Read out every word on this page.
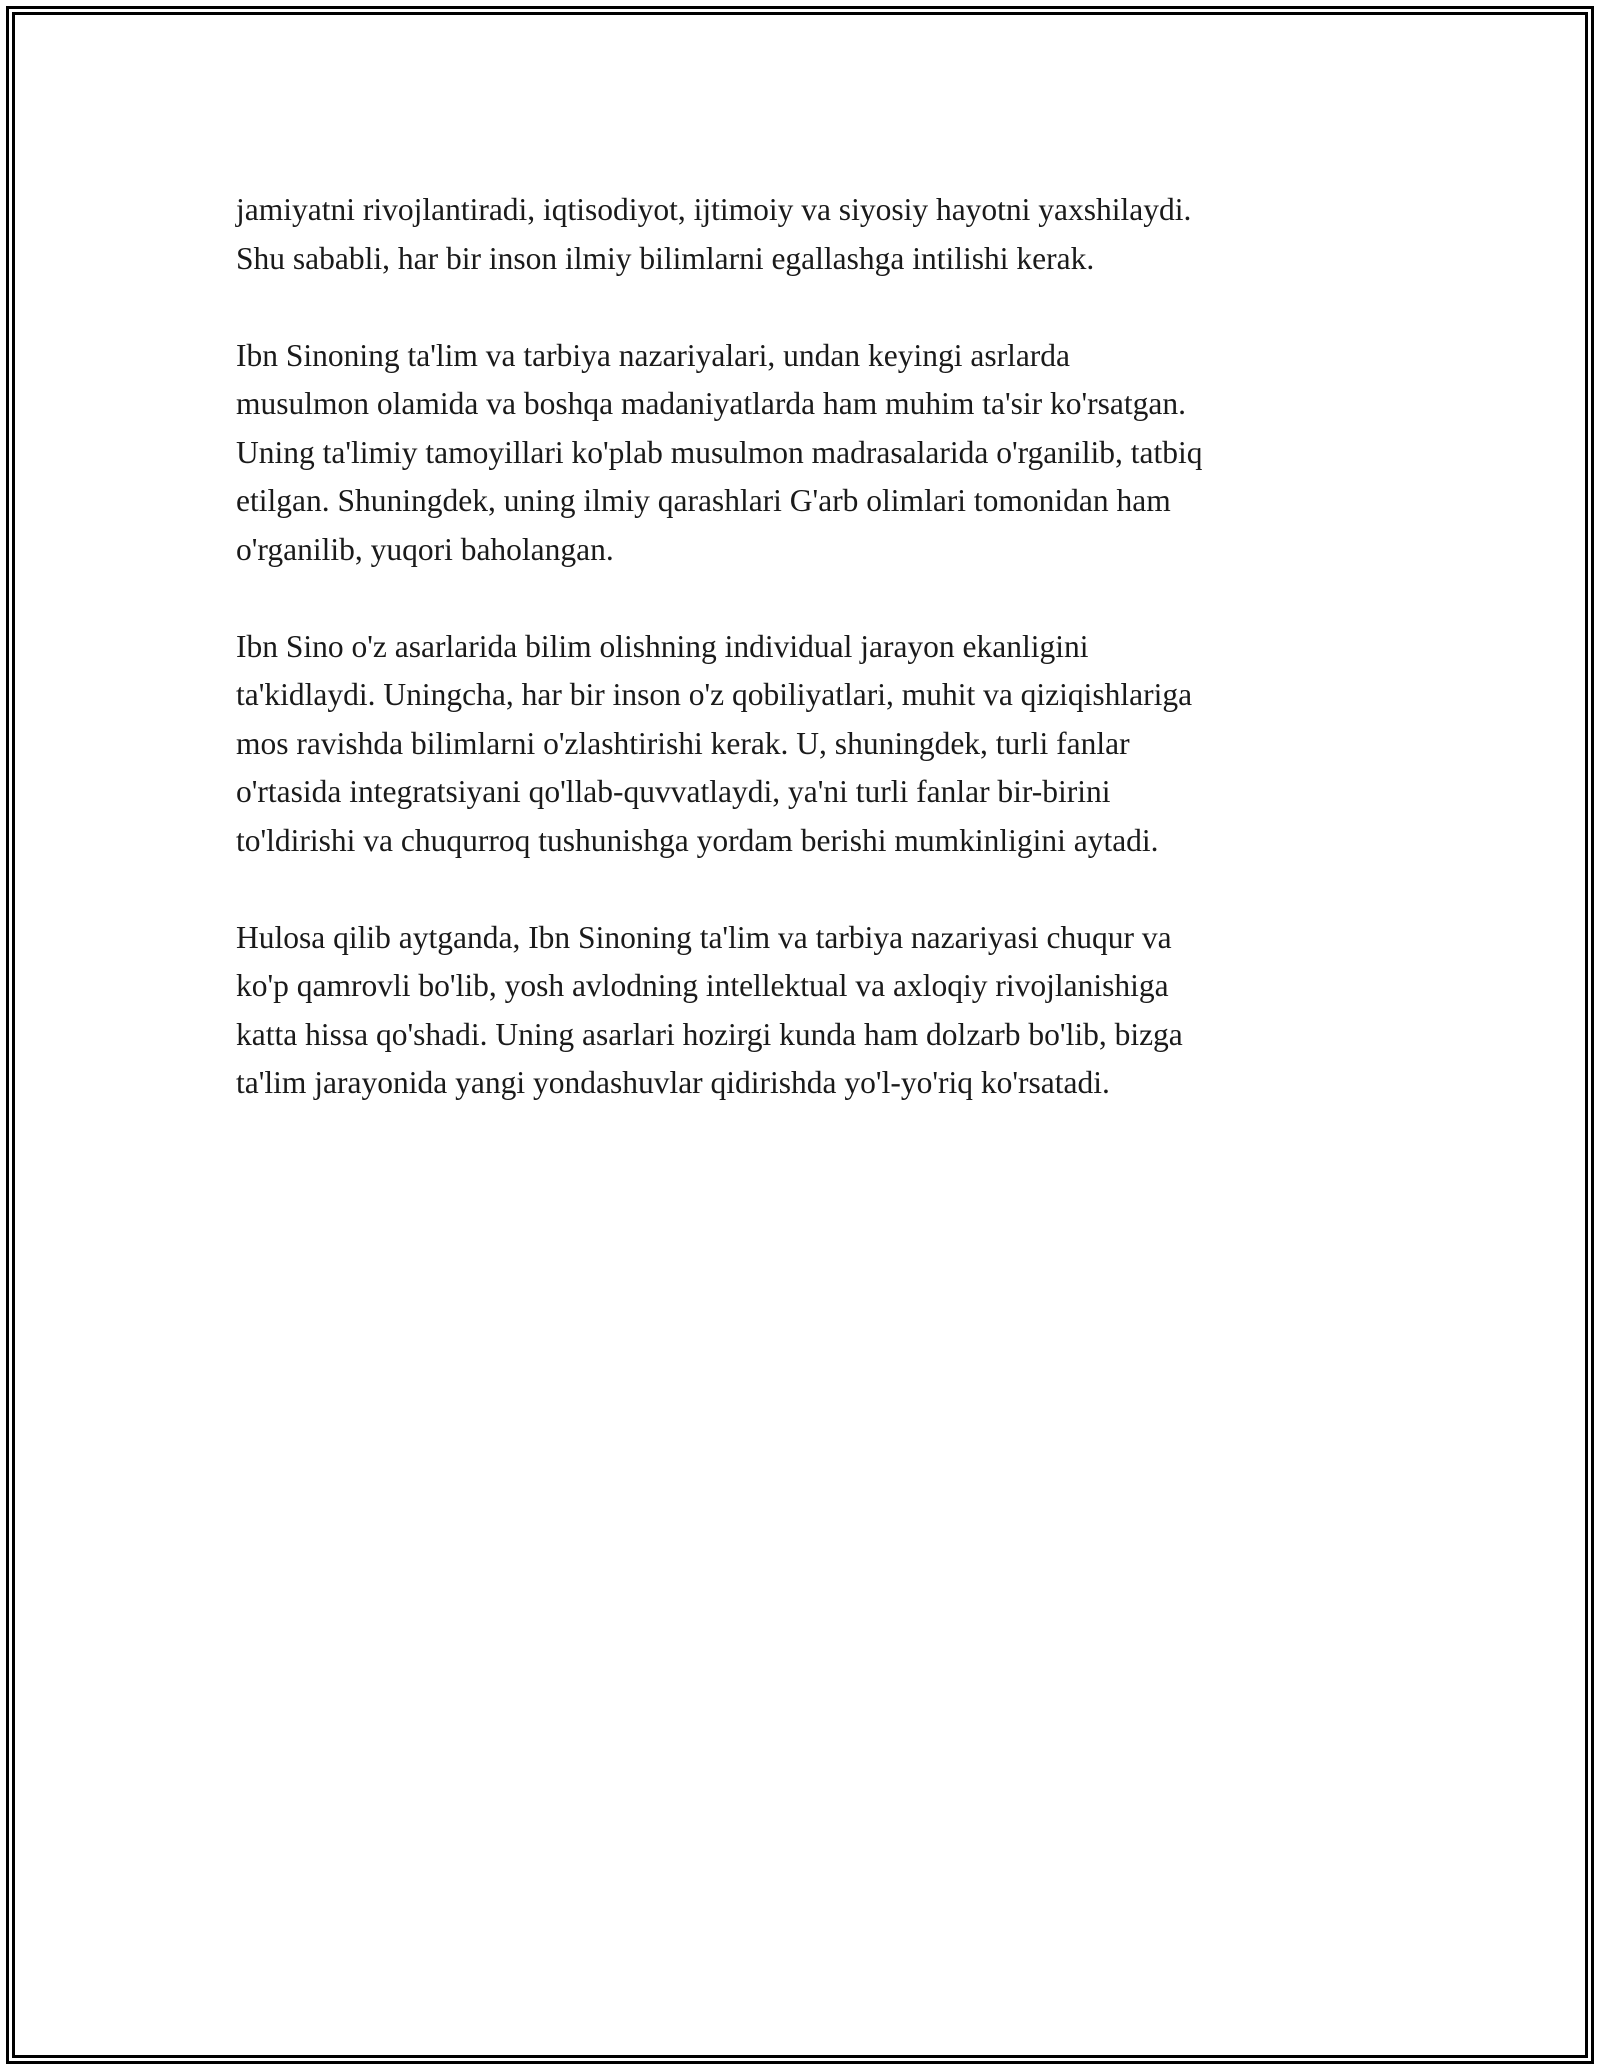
jamiyatni rivojlantiradi, iqtisodiyot, ijtimoiy va siyosiy hayotni yaxshilaydi.
Shu sababli, har bir inson ilmiy bilimlarni egallashga intilishi kerak.

Ibn Sinoning ta'lim va tarbiya nazariyalari, undan keyingi asrlarda
musulmon olamida va boshqa madaniyatlarda ham muhim ta'sir ko'rsatgan.
Uning ta'limiy tamoyillari ko'plab musulmon madrasalarida o'rganilib, tatbiq
etilgan. Shuningdek, uning ilmiy qarashlari G'arb olimlari tomonidan ham
o'rganilib, yuqori baholangan.

Ibn Sino o'z asarlarida bilim olishning individual jarayon ekanligini
ta'kidlaydi. Uningcha, har bir inson o'z qobiliyatlari, muhit va qiziqishlariga
mos ravishda bilimlarni o'zlashtirishi kerak. U, shuningdek, turli fanlar
o'rtasida integratsiyani qo'llab-quvvatlaydi, ya'ni turli fanlar bir-birini
to'ldirishi va chuqurroq tushunishga yordam berishi mumkinligini aytadi.

Hulosa qilib aytganda, Ibn Sinoning ta'lim va tarbiya nazariyasi chuqur va
ko'p qamrovli bo'lib, yosh avlodning intellektual va axloqiy rivojlanishiga
katta hissa qo'shadi. Uning asarlari hozirgi kunda ham dolzarb bo'lib, bizga
ta'lim jarayonida yangi yondashuvlar qidirishda yo'l-yo'riq ko'rsatadi.
